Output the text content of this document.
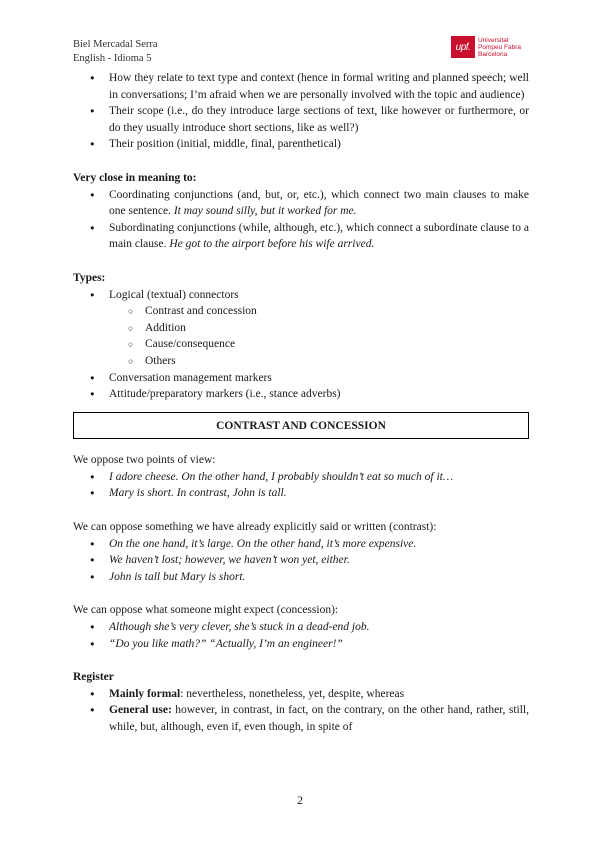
Biel Mercadal Serra
English - Idioma 5
upf.
Universitat
Pompeu Fabra
Barcelona
● How they relate to text type and context (hence in formal writing and planned speech; well in conversations; I’m afraid when we are personally involved with the topic and audience)
● Their scope (i.e., do they introduce large sections of text, like however or furthermore, or do they usually introduce short sections, like as well?)
● Their position (initial, middle, final, parenthetical)
Very close in meaning to:
● Coordinating conjunctions (and, but, or, etc.), which connect two main clauses to make one sentence. It may sound silly, but it worked for me.
● Subordinating conjunctions (while, although, etc.), which connect a subordinate clause to a main clause. He got to the airport before his wife arrived.
Types:
● Logical (textual) connectors
○ Contrast and concession
○ Addition
○ Cause/consequence
○ Others
● Conversation management markers
● Attitude/preparatory markers (i.e., stance adverbs)
CONTRAST AND CONCESSION
We oppose two points of view:
● I adore cheese. On the other hand, I probably shouldn’t eat so much of it…
● Mary is short. In contrast, John is tall.
We can oppose something we have already explicitly said or written (contrast):
● On the one hand, it’s large. On the other hand, it’s more expensive.
● We haven’t lost; however, we haven’t won yet, either.
● John is tall but Mary is short.
We can oppose what someone might expect (concession):
● Although she’s very clever, she’s stuck in a dead-end job.
● “Do you like math?” “Actually, I’m an engineer!”
Register
● Mainly formal: nevertheless, nonetheless, yet, despite, whereas
● General use: however, in contrast, in fact, on the contrary, on the other hand, rather, still, while, but, although, even if, even though, in spite of
2
